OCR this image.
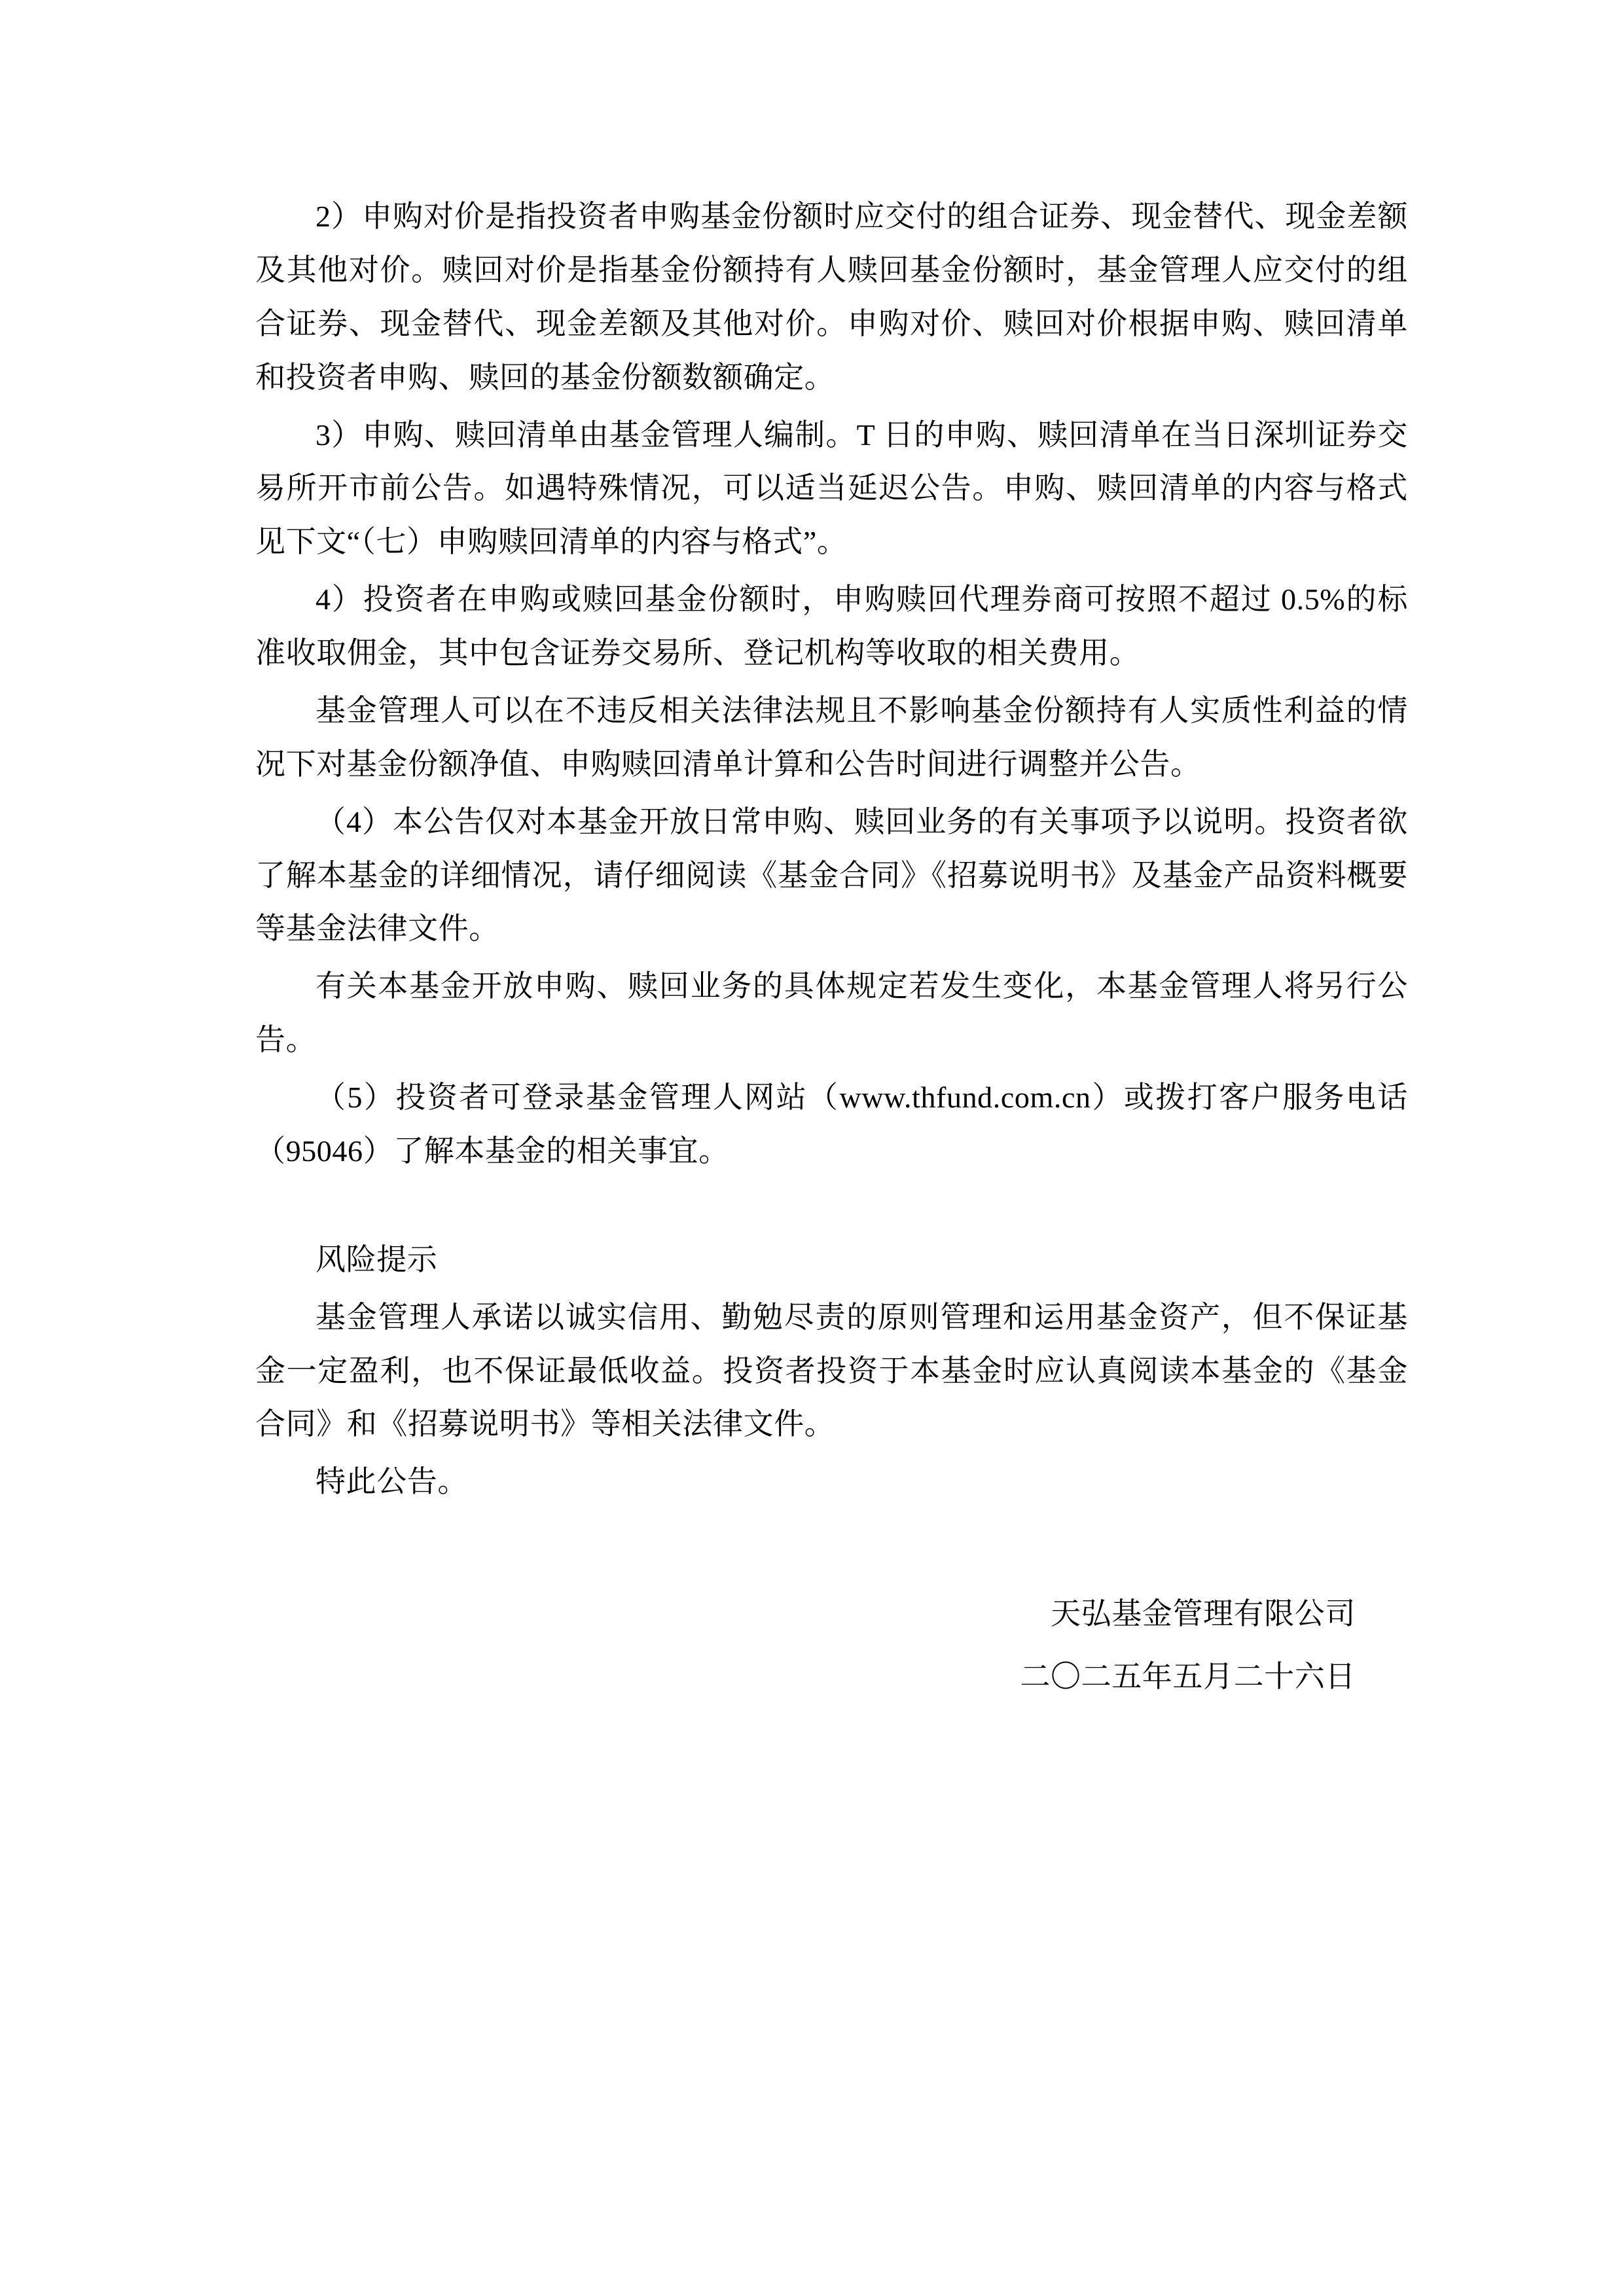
2）申购对价是指投资者申购基金份额时应交付的组合证券、现金替代、现金差额及其他对价。赎回对价是指基金份额持有人赎回基金份额时，基金管理人应交付的组合证券、现金替代、现金差额及其他对价。申购对价、赎回对价根据申购、赎回清单和投资者申购、赎回的基金份额数额确定。

3）申购、赎回清单由基金管理人编制。T 日的申购、赎回清单在当日深圳证券交易所开市前公告。如遇特殊情况，可以适当延迟公告。申购、赎回清单的内容与格式见下文“（七）申购赎回清单的内容与格式”。

4）投资者在申购或赎回基金份额时，申购赎回代理券商可按照不超过 0.5%的标准收取佣金，其中包含证券交易所、登记机构等收取的相关费用。

基金管理人可以在不违反相关法律法规且不影响基金份额持有人实质性利益的情况下对基金份额净值、申购赎回清单计算和公告时间进行调整并公告。

（4）本公告仅对本基金开放日常申购、赎回业务的有关事项予以说明。投资者欲了解本基金的详细情况，请仔细阅读《基金合同》《招募说明书》及基金产品资料概要等基金法律文件。

有关本基金开放申购、赎回业务的具体规定若发生变化，本基金管理人将另行公告。

（5）投资者可登录基金管理人网站（www.thfund.com.cn）或拨打客户服务电话（95046）了解本基金的相关事宜。

风险提示

基金管理人承诺以诚实信用、勤勉尽责的原则管理和运用基金资产，但不保证基金一定盈利，也不保证最低收益。投资者投资于本基金时应认真阅读本基金的《基金合同》和《招募说明书》等相关法律文件。

特此公告。

天弘基金管理有限公司

二〇二五年五月二十六日
